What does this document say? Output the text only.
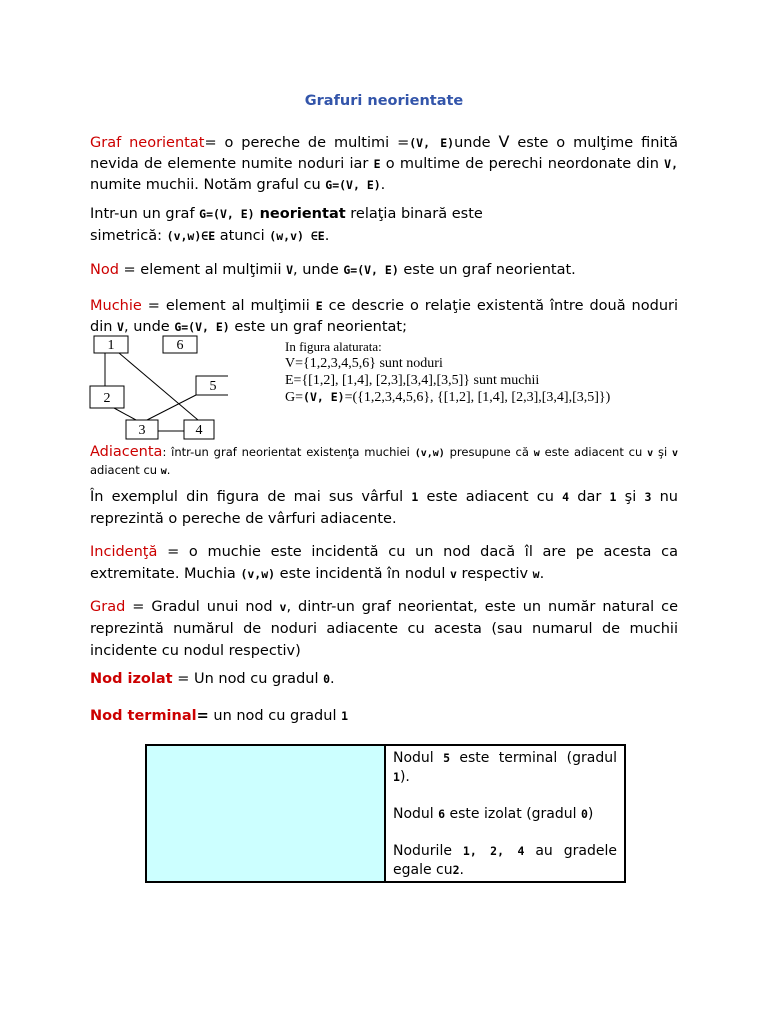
Grafuri neorientate
Graf neorientat= o pereche de multimi =(V, E)unde V este o mulţime finită nevida de elemente numite noduri iar E o multime de perechi neordonate din V, numite muchii. Notăm graful cu G=(V, E).
Intr-un un graf G=(V, E) neorientat relaţia binară este
simetrică: (v,w)∈E atunci (w,v) ∈E.
Nod = element al mulţimii V, unde G=(V, E) este un graf neorientat.
Muchie = element al mulţimii E ce descrie o relaţie existentă între două noduri din V, unde G=(V, E) este un graf neorientat;
1	6
5
2
3	4
In figura alaturata:
V={1,2,3,4,5,6} sunt noduri
E={[1,2], [1,4], [2,3],[3,4],[3,5]} sunt muchii
G=(V, E)=({1,2,3,4,5,6}, {[1,2], [1,4], [2,3],[3,4],[3,5]})
Adiacenta: într-un graf neorientat existenţa muchiei (v,w) presupune că w este adiacent cu v şi v adiacent cu w.
În exemplul din figura de mai sus vârful 1 este adiacent cu 4 dar 1 şi 3 nu reprezintă o pereche de vârfuri adiacente.
Incidenţă = o muchie este incidentă cu un nod dacă îl are pe acesta ca extremitate. Muchia (v,w) este incidentă în nodul v respectiv w.
Grad = Gradul unui nod v, dintr-un graf neorientat, este un număr natural ce reprezintă numărul de noduri adiacente cu acesta (sau numarul de muchii incidente cu nodul respectiv)
Nod izolat = Un nod cu gradul 0.
Nod terminal= un nod cu gradul 1
Nodul 5 este terminal (gradul 1).
Nodul 6 este izolat (gradul 0)
Nodurile 1, 2, 4 au gradele egale cu2.
